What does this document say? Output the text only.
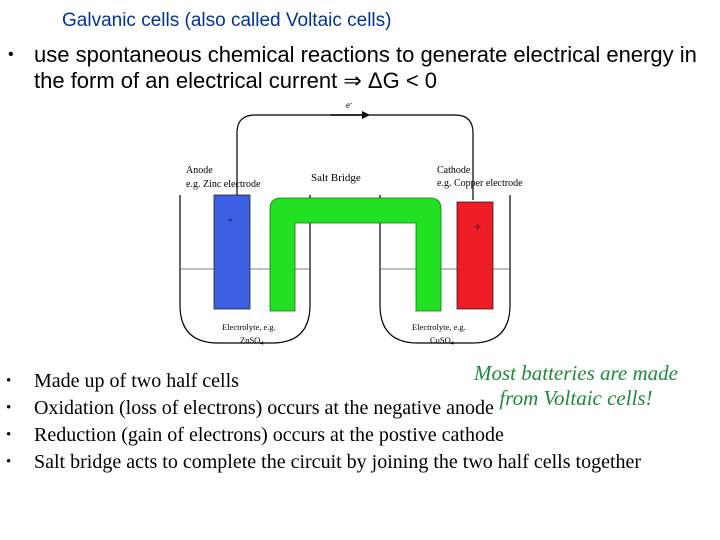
Galvanic cells (also called Voltaic cells)
• use spontaneous chemical reactions to generate electrical energy in the form of an electrical current ⇒ ΔG < 0
e-
-	+
Anode e.g. Zinc electrode
Salt Bridge
Cathode e.g. Copper electrode
Electrolyte, e.g. ZnSO$_4$
Electrolyte, e.g. CuSO$_4$
Most batteries are made
from Voltaic cells!
• Made up of two half cells
• Oxidation (loss of electrons) occurs at the negative anode
• Reduction (gain of electrons) occurs at the postive cathode
• Salt bridge acts to complete the circuit by joining the two half cells together
